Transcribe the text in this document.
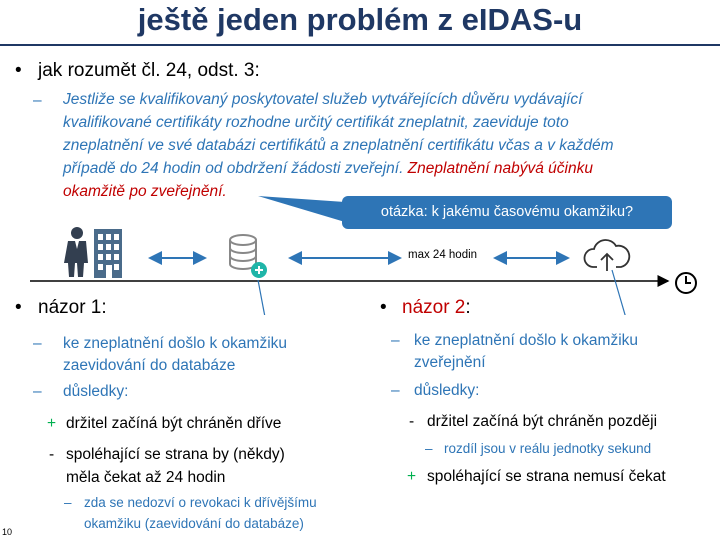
ještě jeden problém z eIDAS-u
• jak rozumět čl. 24, odst. 3:
– Jestliže se kvalifikovaný poskytovatel služeb vytvářejících důvěru vydávající
kvalifikované certifikáty rozhodne určitý certifikát zneplatnit, zaeviduje toto
zneplatnění ve své databázi certifikátů a zneplatnění certifikátu včas a v každém
případě do 24 hodin od obdržení žádosti zveřejní. Zneplatnění nabývá účinku
okamžitě po zveřejnění.
otázka: k jakému časovému okamžiku?
max 24 hodin
• názor 1:
– ke zneplatnění došlo k okamžiku
zaevidování do databáze
– důsledky:
+ držitel začíná být chráněn dříve
- spoléhající se strana by (někdy)
měla čekat až 24 hodin
– zda se nedozví o revokaci k dřívějšímu
okamžiku (zaevidování do databáze)
• názor 2:
– ke zneplatnění došlo k okamžiku
zveřejnění
– důsledky:
- držitel začíná být chráněn později
– rozdíl jsou v reálu jednotky sekund
+ spoléhající se strana nemusí čekat
10
